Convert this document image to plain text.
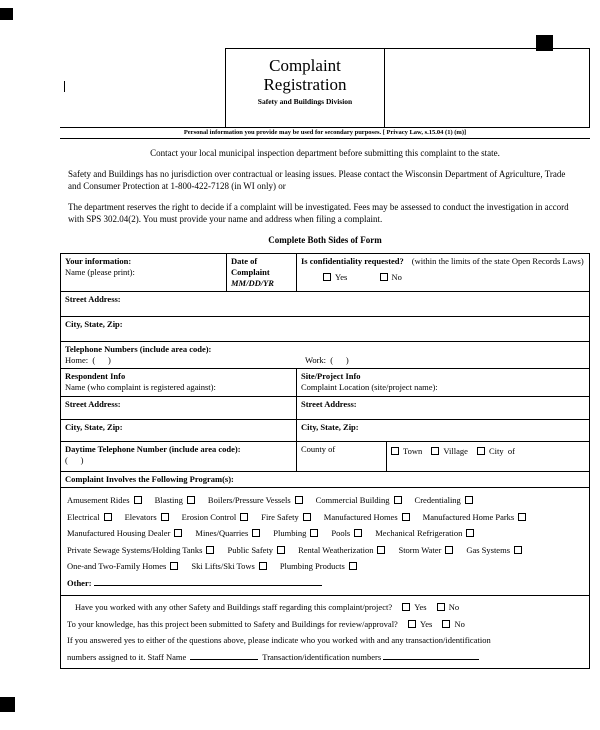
Complaint
Registration
Safety and Buildings Division
Personal information you provide may be used for secondary purposes. [ Privacy Law, s.15.04 (1) (m)]

Contact your local municipal inspection department before submitting this complaint to the state.

Safety and Buildings has no jurisdiction over contractual or leasing issues. Please contact the Wisconsin Department of Agriculture, Trade and Consumer Protection at 1-800-422-7128 (in WI only) or

The department reserves the right to decide if a complaint will be investigated. Fees may be assessed to conduct the investigation in accord with SPS 302.04(2). You must provide your name and address when filing a complaint.

Complete Both Sides of Form
Your information:
Name (please print):
Date of Complaint
MM/DD/YR
Is confidentiality requested? (within the limits of the state Open Records Laws)
Yes	No
Street Address:
City, State, Zip:
Telephone Numbers (include area code):
Home:  (      )	Work:  (      )
Respondent Info
Name (who complaint is registered against):
Site/Project Info
Complaint Location (site/project name):
Street Address:	Street Address:
City, State, Zip:	City, State, Zip:
Daytime Telephone Number (include area code):
(      )
County of	Town Village City  of
Complaint Involves the Following Program(s):
Amusement Rides	Blasting	Boilers/Pressure Vessels	Commercial Building	Credentialing
Electrical	Elevators	Erosion Control	Fire Safety	Manufactured Homes	Manufactured Home Parks
Manufactured Housing Dealer	Mines/Quarries	Plumbing	Pools	Mechanical Refrigeration
Private Sewage Systems/Holding Tanks	Public Safety	Rental Weatherization	Storm Water	Gas Systems
One-and Two-Family Homes	Ski Lifts/Ski Tows	Plumbing Products
Other:
Have you worked with any other Safety and Buildings staff regarding this complaint/project?	Yes	No
To your knowledge, has this project been submitted to Safety and Buildings for review/approval?	Yes	No
If you answered yes to either of the questions above, please indicate who you worked with and any transaction/identification
numbers assigned to it. Staff Name	Transaction/identification numbers
